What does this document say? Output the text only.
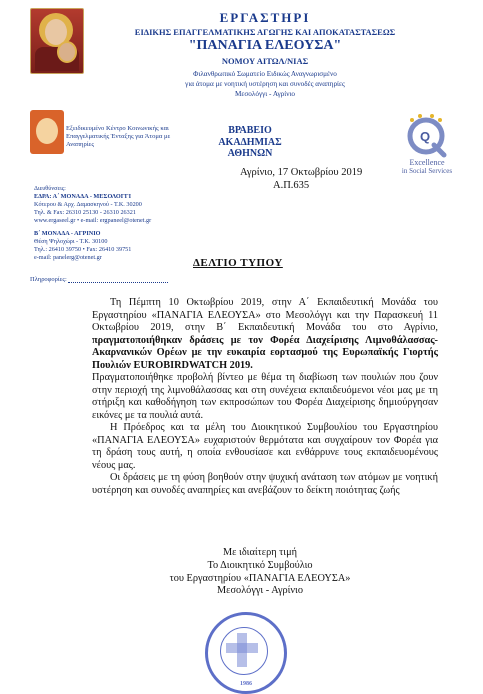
ΕΡΓΑΣΤΗΡΙ
ΕΙΔΙΚΗΣ ΕΠΑΓΓΕΛΜΑΤΙΚΗΣ ΑΓΩΓΗΣ ΚΑΙ ΑΠΟΚΑΤΑΣΤΑΣΕΩΣ
"ΠΑΝΑΓΙΑ ΕΛΕΟΥΣΑ"
ΝΟΜΟΥ ΑΙΤΩΛ/ΝΙΑΣ
Φιλανθρωπικό Σωματείο Ειδικώς Αναγνωρισμένο
για άτομα με νοητική υστέρηση και συνοδές αναπηρίες
Μεσολόγγι - Αγρίνιο
Εξειδικευμένο Κέντρο Κοινωνικής και Επαγγελματικής Ένταξης για Άτομα με Αναπηρίες
ΒΡΑΒΕΙΟ
ΑΚΑΔΗΜΙΑΣ ΑΘΗΝΩΝ
Q
Excellence
in Social Services
Διευθύνσεις:
ΕΔΡΑ: Α΄ ΜΟΝΑΔΑ - ΜΕΣΟΛΟΓΓΙ
Κότερου & Αρχ. Δαμασκηνού - Τ.Κ. 30200
Τηλ. & Fax: 26310 25130 - 26310 26321
www.ergaseel.gr • e-mail: ergpaneel@otenet.gr
Β΄ ΜΟΝΑΔΑ - ΑΓΡΙΝΙΟ
Θέση Ψηλοχώρι - Τ.Κ. 30100
Τηλ.: 26410 39750 • Fax: 26410 39751
e-mail: panelerg@otenet.gr
Αγρίνιο, 17 Οκτωβρίου 2019
Α.Π.635
Πληροφορίες:
ΔΕΛΤΙΟ ΤΥΠΟΥ

Τη Πέμπτη 10 Οκτωβρίου 2019, στην Α΄ Εκπαιδευτική Μονάδα του Εργαστηρίου «ΠΑΝΑΓΙΑ ΕΛΕΟΥΣΑ» στο Μεσολόγγι και την Παρασκευή 11 Οκτωβρίου 2019, στην Β΄ Εκπαιδευτική Μονάδα του στο Αγρίνιο, πραγματοποιήθηκαν δράσεις με τον Φορέα Διαχείρισης Λιμνοθάλασσας- Ακαρνανικών Ορέων με την ευκαιρία εορτασμού της Ευρωπαϊκής Γιορτής Πουλιών EUROBIRDWATCH 2019.

Πραγματοποιήθηκε προβολή βίντεο με θέμα τη διαβίωση των πουλιών που ζουν στην περιοχή της λιμνοθάλασσας και στη συνέχεια εκπαιδευόμενοι νέοι μας με τη στήριξη και καθοδήγηση των εκπροσώπων του Φορέα Διαχείρισης δημιούργησαν εικόνες με τα πουλιά αυτά.

Η Πρόεδρος και τα μέλη του Διοικητικού Συμβουλίου του Εργαστηρίου «ΠΑΝΑΓΙΑ ΕΛΕΟΥΣΑ» ευχαριστούν θερμότατα και συγχαίρουν τον Φορέα για τη δράση τους αυτή, η οποία ενθουσίασε και ενθάρρυνε τους εκπαιδευομένους νέους μας.

Οι δράσεις με τη φύση βοηθούν στην ψυχική ανάταση των ατόμων με νοητική υστέρηση και συνοδές αναπηρίες και ανεβάζουν το δείκτη ποιότητας ζωής

Με ιδιαίτερη τιμή
Το Διοικητικό Συμβούλιο
του Εργαστηρίου «ΠΑΝΑΓΙΑ ΕΛΕΟΥΣΑ»
Μεσολόγγι - Αγρίνιο
1986
